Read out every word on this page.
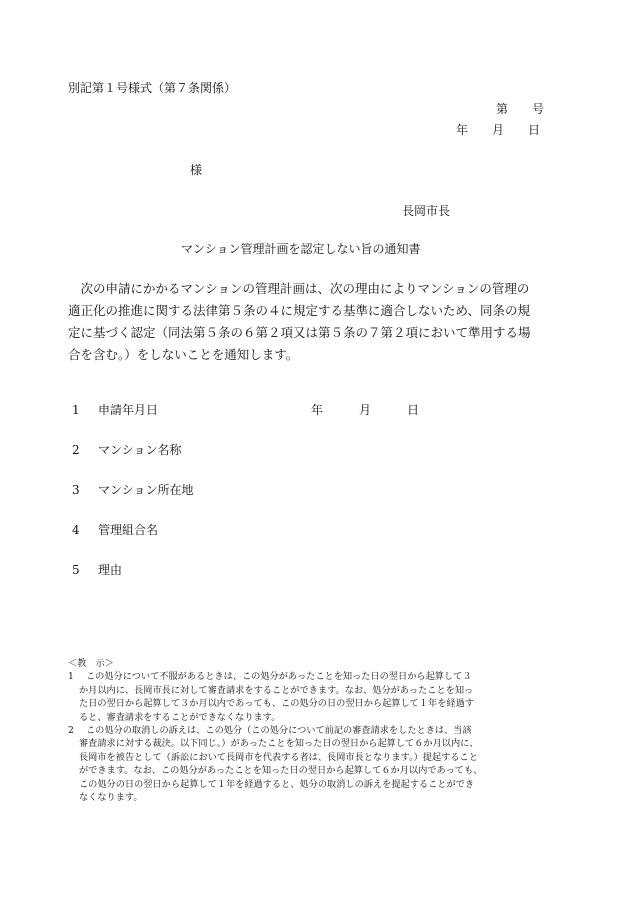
別記第１号様式（第７条関係）
第　　号
年　　月　　日
様
長岡市長
マンション管理計画を認定しない旨の通知書
　次の申請にかかるマンションの管理計画は、次の理由によりマンションの管理の
適正化の推進に関する法律第５条の４に規定する基準に適合しないため、同条の規
定に基づく認定（同法第５条の６第２項又は第５条の７第２項において準用する場
合を含む。）をしないことを通知します。
1 申請年月日	年　　　月　　　日
2 マンション名称
3 マンション所在地
4 管理組合名
5 理由
＜教　示＞
1　 この処分について不服があるときは、この処分があったことを知った日の翌日から起算して３
か月以内に、長岡市長に対して審査請求をすることができます。なお、処分があったことを知っ
た日の翌日から起算して３か月以内であっても、この処分の日の翌日から起算して１年を経過す
ると、審査請求をすることができなくなります。
2　 この処分の取消しの訴えは、この処分（この処分について前記の審査請求をしたときは、当該
審査請求に対する裁決。以下同じ。）があったことを知った日の翌日から起算して６か月以内に、
長岡市を被告として（訴訟において長岡市を代表する者は、長岡市長となります。）提起すること
ができます。なお、この処分があったことを知った日の翌日から起算して６か月以内であっても、
この処分の日の翌日から起算して１年を経過すると、処分の取消しの訴えを提起することができ
なくなります。
